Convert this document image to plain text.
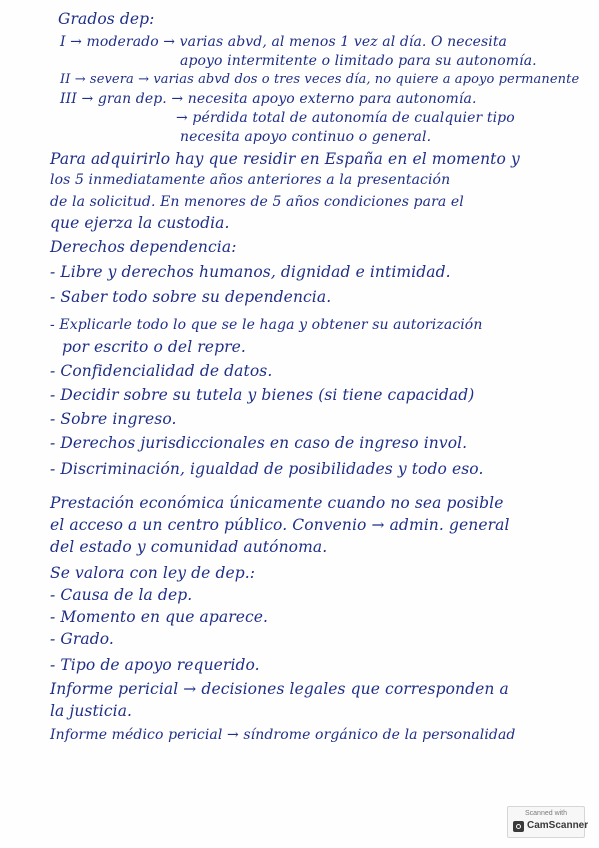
Grados dep:
I → moderado → varias abvd, al menos 1 vez al día. O necesita
apoyo intermitente o limitado para su autonomía.
II → severa → varias abvd dos o tres veces día, no quiere a apoyo permanente
III → gran dep. → necesita apoyo externo para autonomía.
→ pérdida total de autonomía de cualquier tipo
necesita apoyo continuo o general.
Para adquirirlo hay que residir en España en el momento y
los 5 inmediatamente años anteriores a la presentación
de la solicitud. En menores de 5 años condiciones para el
que ejerza la custodia.
Derechos dependencia:
- Libre y derechos humanos, dignidad e intimidad.
- Saber todo sobre su dependencia.
- Explicarle todo lo que se le haga y obtener su autorización
por escrito o del repre.
- Confidencialidad de datos.
- Decidir sobre su tutela y bienes (si tiene capacidad)
- Sobre ingreso.
- Derechos jurisdiccionales en caso de ingreso invol.
- Discriminación, igualdad de posibilidades y todo eso.
Prestación económica únicamente cuando no sea posible
el acceso a un centro público. Convenio → admin. general
del estado y comunidad autónoma.
Se valora con ley de dep.:
- Causa de la dep.
- Momento en que aparece.
- Grado.
- Tipo de apoyo requerido.
Informe pericial → decisiones legales que corresponden a
la justicia.
Informe médico pericial → síndrome orgánico de la personalidad
Scanned with
CamScanner
